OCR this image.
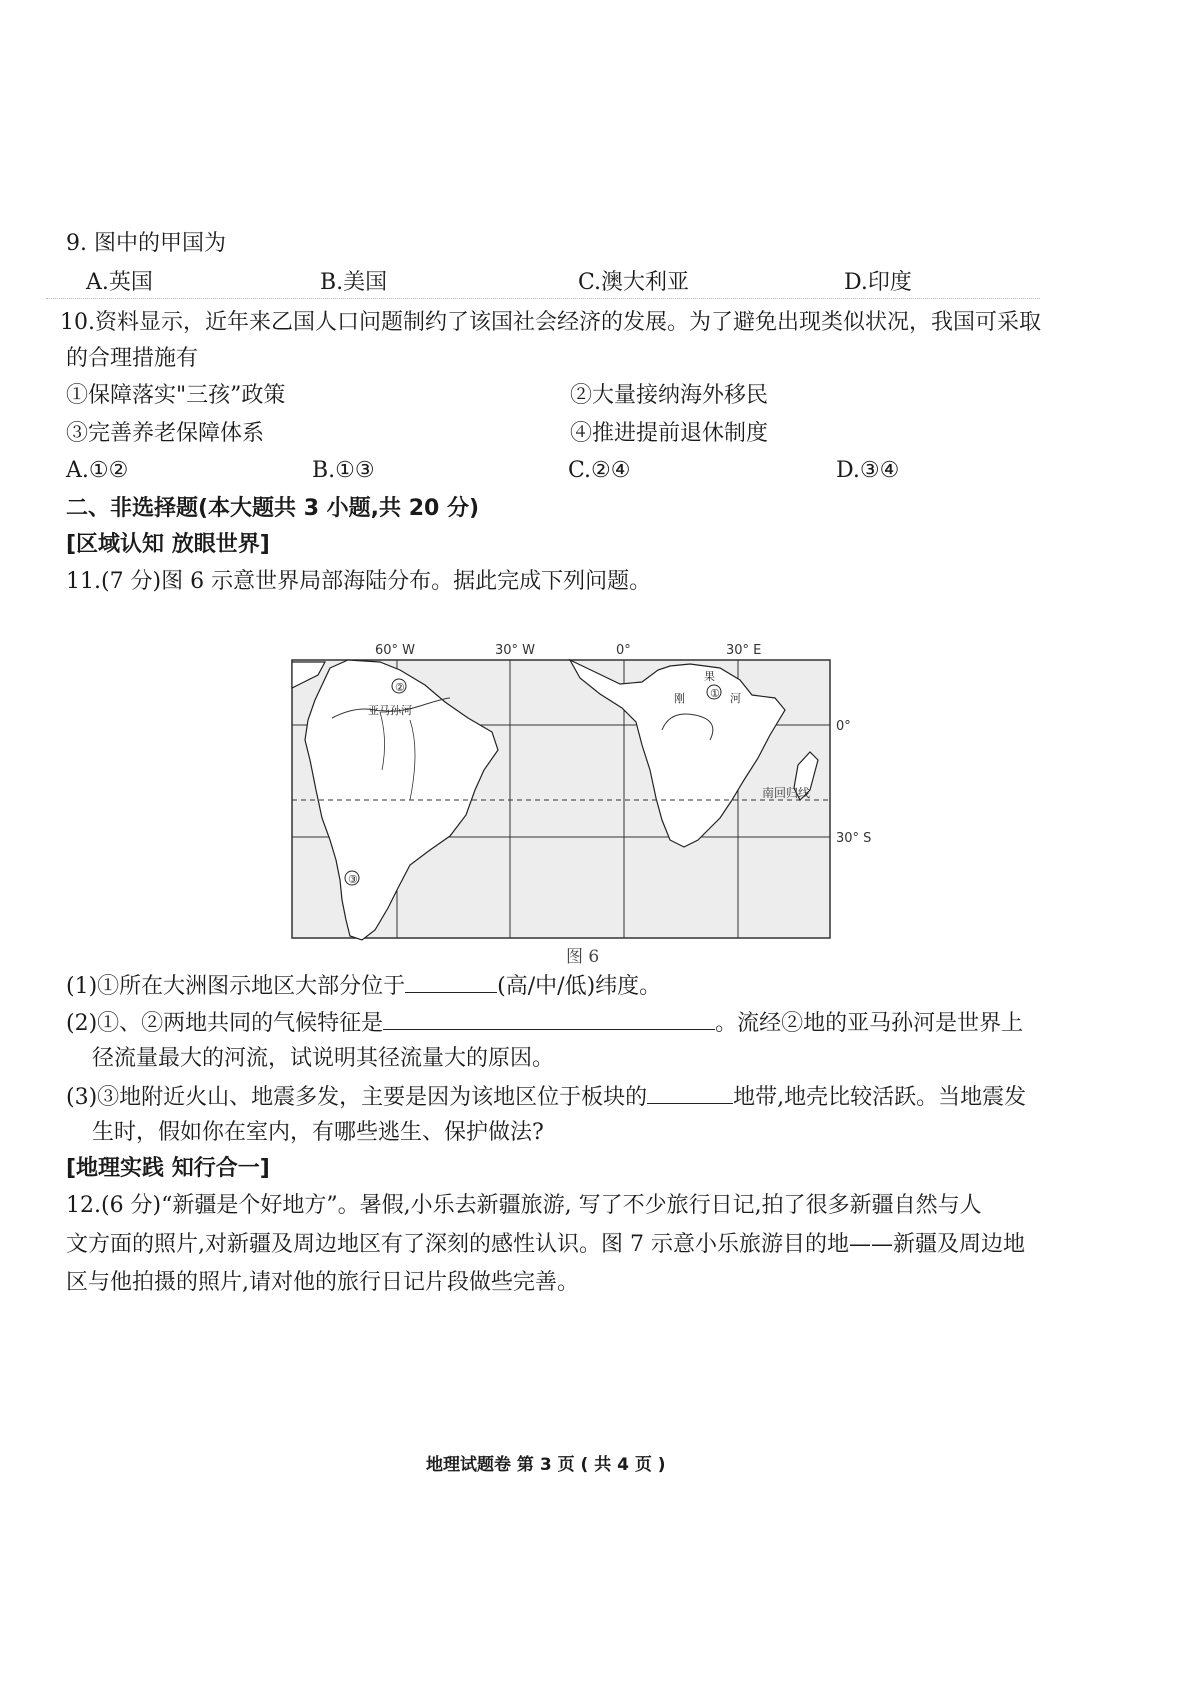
9. 图中的甲国为
A.英国	B.美国	C.澳大利亚	D.印度
10.资料显示，近年来乙国人口问题制约了该国社会经济的发展。为了避免出现类似状况，我国可采取
的合理措施有
①保障落实"三孩”政策	②大量接纳海外移民
③完善养老保障体系	④推进提前退休制度
A.①②	B.①③	C.②④	D.③④
二、非选择题(本大题共 3 小题,共 20 分)
[区域认知 放眼世界]
11.(7 分)图 6 示意世界局部海陆分布。据此完成下列问题。
60° W	30° W	0°	30° E
②	①
③
亚马孙河
刚
果
河
南回归线
0°
30° S
图 6
(1)①所在大洲图示地区大部分位于	(高/中/低)纬度。
(2)①、②两地共同的气候特征是	。流经②地的亚马孙河是世界上
径流量最大的河流，试说明其径流量大的原因。
(3)③地附近火山、地震多发，主要是因为该地区位于板块的	地带,地壳比较活跃。当地震发
生时，假如你在室内，有哪些逃生、保护做法?
[地理实践 知行合一]
12.(6 分)“新疆是个好地方”。暑假,小乐去新疆旅游, 写了不少旅行日记,拍了很多新疆自然与人
文方面的照片,对新疆及周边地区有了深刻的感性认识。图 7 示意小乐旅游目的地——新疆及周边地
区与他拍摄的照片,请对他的旅行日记片段做些完善。
地理试题卷 第 3 页 ( 共 4 页 )
